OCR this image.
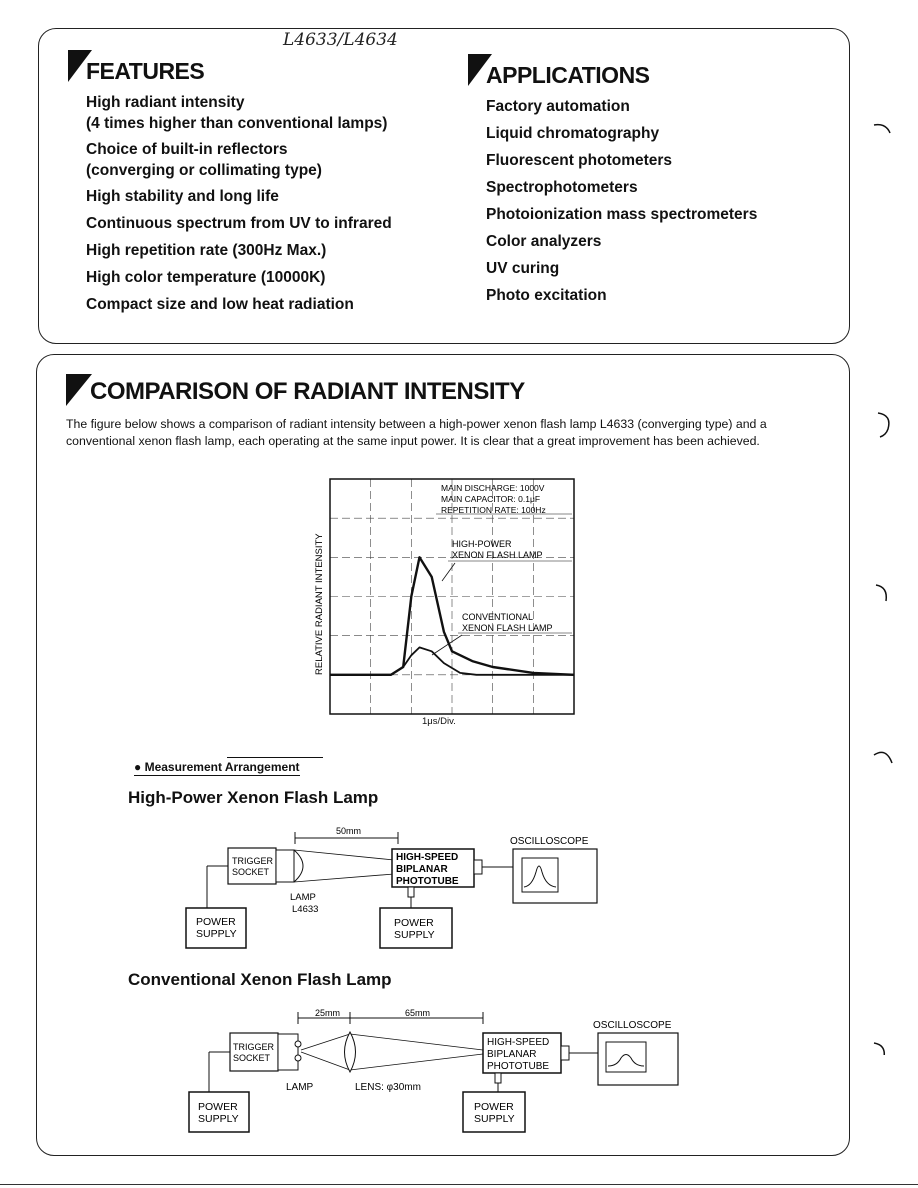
L4633/L4634
FEATURES
High radiant intensity
(4 times higher than conventional lamps)
Choice of built-in reflectors
(converging or collimating type)
High stability and long life
Continuous spectrum from UV to infrared
High repetition rate (300Hz Max.)
High color temperature (10000K)
Compact size and low heat radiation
APPLICATIONS
Factory automation
Liquid chromatography
Fluorescent photometers
Spectrophotometers
Photoionization mass spectrometers
Color analyzers
UV curing
Photo excitation
COMPARISON OF RADIANT INTENSITY
The figure below shows a comparison of radiant intensity between a high-power xenon flash lamp L4633 (converging type) and a conventional xenon flash lamp, each operating at the same input power. It is clear that a great improvement has been achieved.
RELATIVE RADIANT INTENSITY
MAIN DISCHARGE: 1000V
MAIN CAPACITOR: 0.1μF
REPETITION RATE: 100Hz
HIGH-POWER
XENON FLASH LAMP
CONVENTIONAL
XENON FLASH LAMP
1μs/Div.
● Measurement Arrangement
High-Power Xenon Flash Lamp
50mm
TRIGGER
SOCKET
LAMP
L4633
HIGH-SPEED
BIPLANAR
PHOTOTUBE
OSCILLOSCOPE
POWER
SUPPLY
POWER
SUPPLY
Conventional Xenon Flash Lamp
25mm	65mm
TRIGGER
SOCKET
LAMP	LENS: φ30mm
HIGH-SPEED
BIPLANAR
PHOTOTUBE
OSCILLOSCOPE
POWER
SUPPLY
POWER
SUPPLY
